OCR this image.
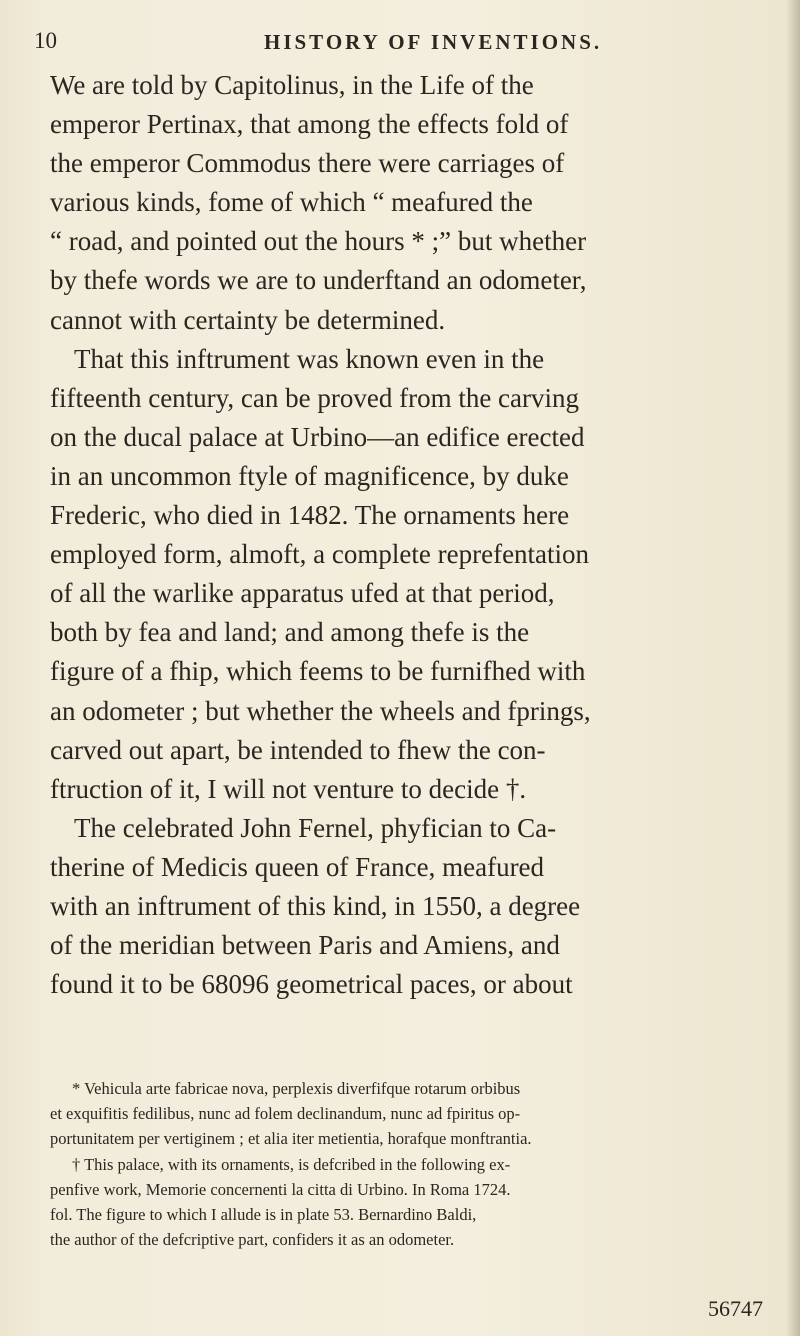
10	HISTORY OF INVENTIONS.
We are told by Capitolinus, in the Life of the
emperor Pertinax, that among the effects fold of
the emperor Commodus there were carriages of
various kinds, fome of which “ meafured the
“ road, and pointed out the hours * ;” but whether
by thefe words we are to underftand an odometer,
cannot with certainty be determined.
That this inftrument was known even in the
fifteenth century, can be proved from the carving
on the ducal palace at Urbino—an edifice erected
in an uncommon ftyle of magnificence, by duke
Frederic, who died in 1482. The ornaments here
employed form, almoft, a complete reprefentation
of all the warlike apparatus ufed at that period,
both by fea and land; and among thefe is the
figure of a fhip, which feems to be furnifhed with
an odometer ; but whether the wheels and fprings,
carved out apart, be intended to fhew the con-
ftruction of it, I will not venture to decide †.
The celebrated John Fernel, phyfician to Ca-
therine of Medicis queen of France, meafured
with an inftrument of this kind, in 1550, a degree
of the meridian between Paris and Amiens, and
found it to be 68096 geometrical paces, or about
* Vehicula arte fabricae nova, perplexis diverfifque rotarum orbibus
et exquifitis fedilibus, nunc ad folem declinandum, nunc ad fpiritus op-
portunitatem per vertiginem ; et alia iter metientia, horafque monftrantia.
† This palace, with its ornaments, is defcribed in the following ex-
penfive work, Memorie concernenti la citta di Urbino. In Roma 1724.
fol. The figure to which I allude is in plate 53. Bernardino Baldi,
the author of the defcriptive part, confiders it as an odometer.
56747
